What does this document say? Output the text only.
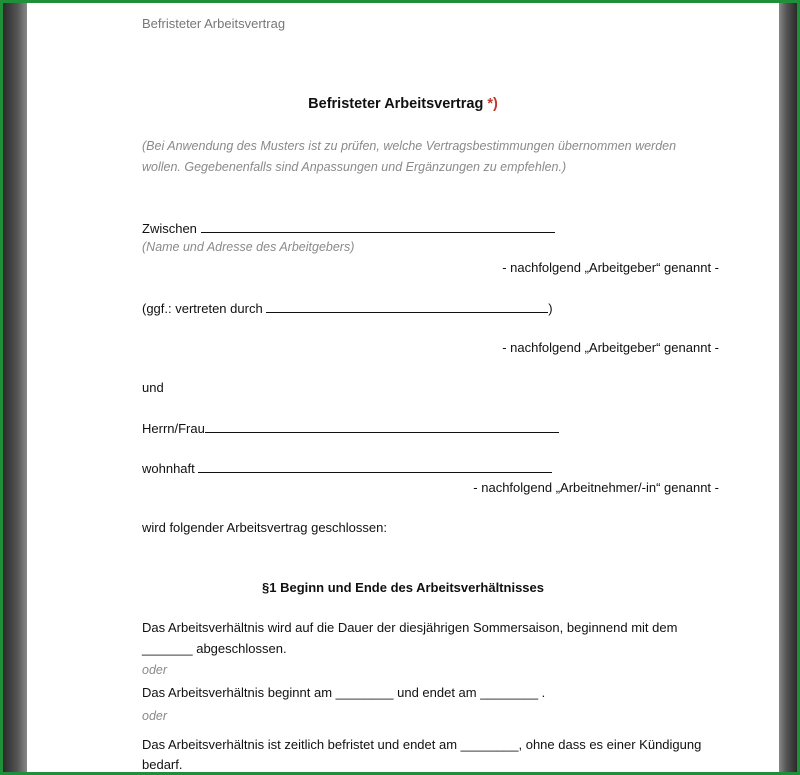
Befristeter Arbeitsvertrag
Befristeter Arbeitsvertrag *)
(Bei Anwendung des Musters ist zu prüfen, welche Vertragsbestimmungen übernommen werden
wollen. Gegebenenfalls sind Anpassungen und Ergänzungen zu empfehlen.)
Zwischen
(Name und Adresse des Arbeitgebers)
- nachfolgend „Arbeitgeber“ genannt -
(ggf.: vertreten durch	)
- nachfolgend „Arbeitgeber“ genannt -
und
Herrn/Frau
wohnhaft
- nachfolgend „Arbeitnehmer/-in“ genannt -
wird folgender Arbeitsvertrag geschlossen:
§1 Beginn und Ende des Arbeitsverhältnisses
Das Arbeitsverhältnis wird auf die Dauer der diesjährigen Sommersaison, beginnend mit dem
_______ abgeschlossen.
oder
Das Arbeitsverhältnis beginnt am ________ und endet am ________ .
oder
Das Arbeitsverhältnis ist zeitlich befristet und endet am ________, ohne dass es einer Kündigung
bedarf.
